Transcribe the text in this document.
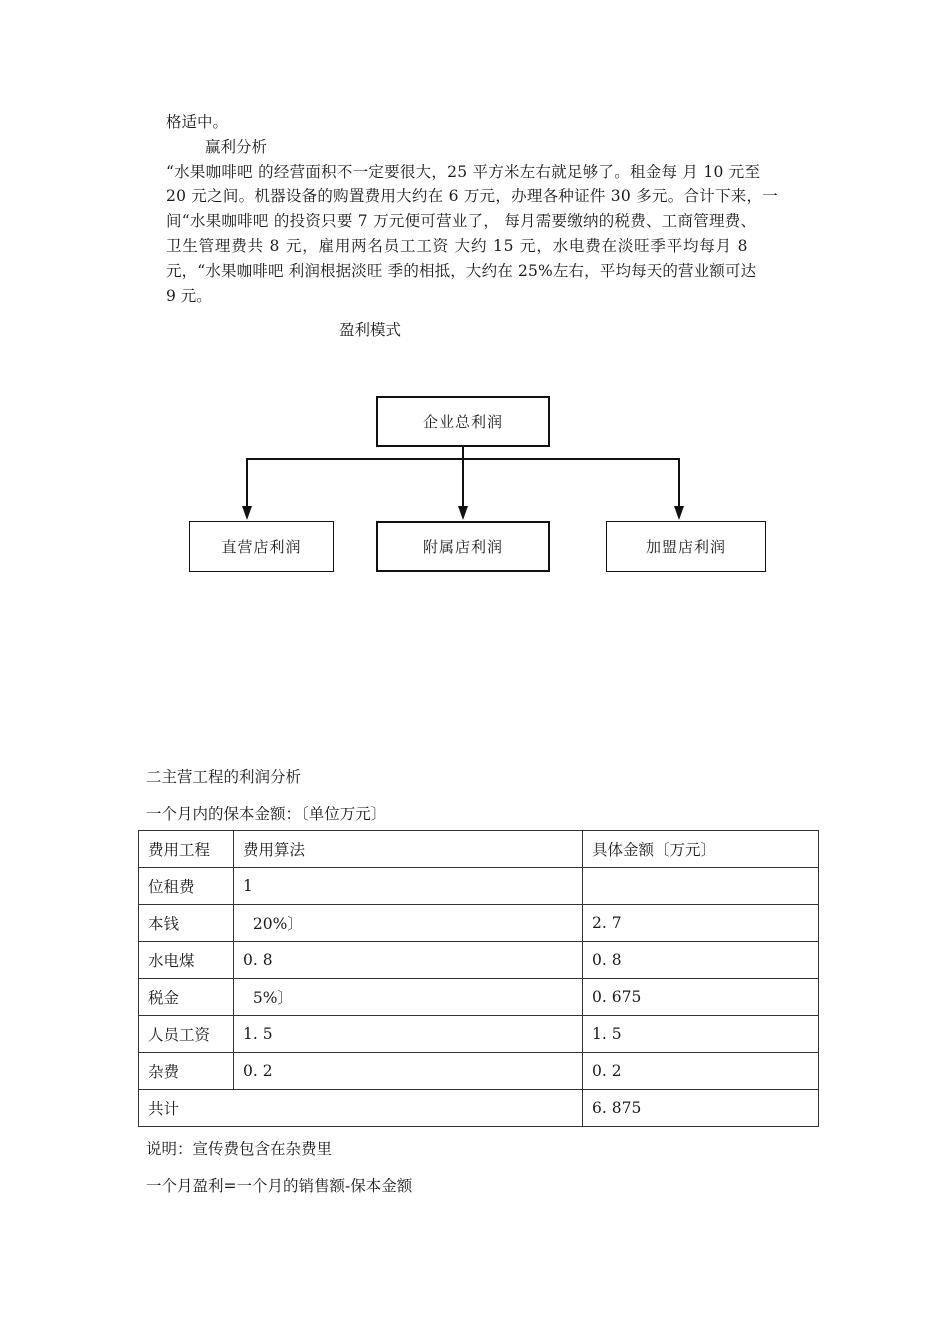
格适中。
赢利分析
“水果咖啡吧 的经营面积不一定要很大，25 平方米左右就足够了。租金每 月 10 元至
20 元之间。机器设备的购置费用大约在 6 万元，办理各种证件 30 多元。合计下来，一
间“水果咖啡吧 的投资只要 7 万元便可营业了， 每月需要缴纳的税费、工商管理费、
卫生管理费共 8 元，雇用两名员工工资 大约 15 元，水电费在淡旺季平均每月 8
元，“水果咖啡吧 利润根据淡旺 季的相抵，大约在 25%左右，平均每天的营业额可达
9 元。
盈利模式
企业总利润
直营店利润	附属店利润	加盟店利润
二主营工程的利润分析
一个月内的保本金额：〔单位万元〕
费用工程	费用算法	具体金额〔万元〕
位租费	1	
本钱	20%〕	2. 7
水电煤	0. 8	0. 8
税金	5%〕	0. 675
人员工资	1. 5	1. 5
杂费	0. 2	0. 2
共计		6. 875
说明：宣传费包含在杂费里
一个月盈利=一个月的销售额-保本金额
